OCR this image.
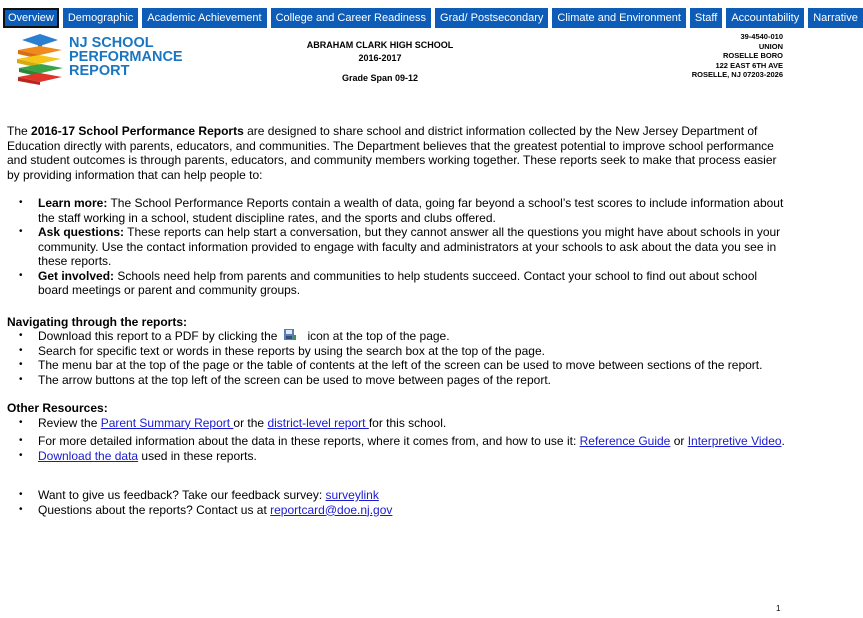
Overview	Demographic	Academic Achievement	College and Career Readiness	Grad/ Postsecondary	Climate and Environment	Staff	Accountability	Narrative
NJ SCHOOL
PERFORMANCE
REPORT
ABRAHAM CLARK HIGH SCHOOL
2016-2017
Grade Span 09-12
39-4540-010
UNION
ROSELLE BORO
122 EAST 6TH AVE
ROSELLE, NJ 07203-2026

The 2016-17 School Performance Reports are designed to share school and district information collected by the New Jersey Department of Education directly with parents, educators, and communities. The Department believes that the greatest potential to improve school performance and student outcomes is through parents, educators, and community members working together. These reports seek to make that process easier by providing information that can help people to:

• Learn more: The School Performance Reports contain a wealth of data, going far beyond a school’s test scores to include information about the staff working in a school, student discipline rates, and the sports and clubs offered.
• Ask questions: These reports can help start a conversation, but they cannot answer all the questions you might have about schools in your community. Use the contact information provided to engage with faculty and administrators at your schools to ask about the data you see in these reports.
• Get involved: Schools need help from parents and communities to help students succeed. Contact your school to find out about school board meetings or parent and community groups.

Navigating through the reports:

• Download this report to a PDF by clicking the	icon at the top of the page.
• Search for specific text or words in these reports by using the search box at the top of the page.
• The menu bar at the top of the page or the table of contents at the left of the screen can be used to move between sections of the report.
• The arrow buttons at the top left of the screen can be used to move between pages of the report.

Other Resources:

• Review the Parent Summary Report or the district-level report for this school.
• For more detailed information about the data in these reports, where it comes from, and how to use it: Reference Guide or Interpretive Video.
• Download the data used in these reports.
• Want to give us feedback? Take our feedback survey: surveylink
• Questions about the reports? Contact us at reportcard@doe.nj.gov
1
